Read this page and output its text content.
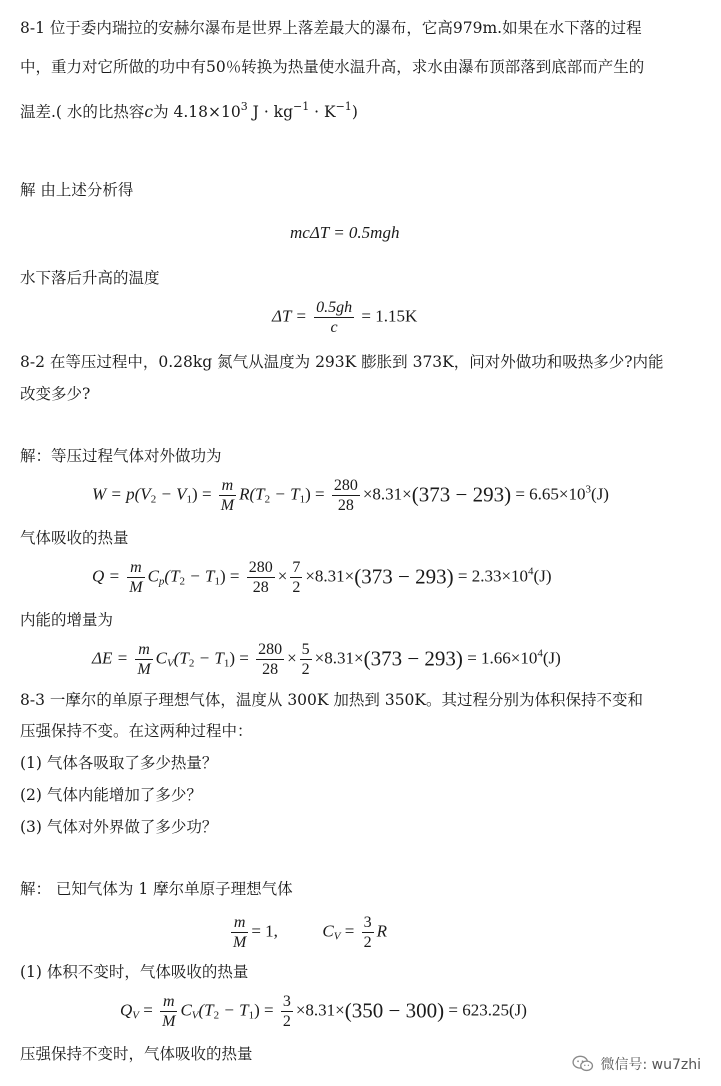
8-1 位于委内瑞拉的安赫尔瀑布是世界上落差最大的瀑布，它高979m.如果在水下落的过程
中，重力对它所做的功中有50％转换为热量使水温升高，求水由瀑布顶部落到底部而产生的
温差.( 水的比热容c为 $4.18\times 10^3$ $J \cdot kg^{-1} \cdot K^{-1}$)
解 由上述分析得
mcΔT = 0.5mgh
水下落后升高的温度
$\Delta T = \frac{0.5gh}{c} = 1.15K$
8-2 在等压过程中，0.28kg 氮气从温度为 293K 膨胀到 373K，问对外做功和吸热多少?内能
改变多少?
解：等压过程气体对外做功为
$W = p(V_2 - V_1) = \frac{m}{M} R(T_2 - T_1) = \frac{280}{28} \times 8.31\times(373 - 293) = 6.65\times 10^3(J)$
气体吸收的热量
$Q = \frac{m}{M} C_p(T_2 - T_1) = \frac{280}{28} \times \frac{7}{2} \times 8.31\times(373 - 293) = 2.33\times 10^4(J)$
内能的增量为
$\Delta E = \frac{m}{M} C_V(T_2 - T_1) = \frac{280}{28} \times \frac{5}{2} \times 8.31\times(373 - 293) = 1.66\times 10^4(J)$
8-3 一摩尔的单原子理想气体，温度从 300K 加热到 350K。其过程分别为体积保持不变和
压强保持不变。在这两种过程中：
(1) 气体各吸取了多少热量？
(2) 气体内能增加了多少？
(3) 气体对外界做了多少功？
解： 已知气体为 1 摩尔单原子理想气体
$\frac{m}{M} = 1$,	$C_V = \frac{3}{2}$ R
(1) 体积不变时，气体吸收的热量
$Q_V = \frac{m}{M} C_V(T_2 - T_1) = \frac{3}{2} \times 8.31\times(350 - 300) = 623.25(J)$
压强保持不变时，气体吸收的热量
微信号: wu7zhi
